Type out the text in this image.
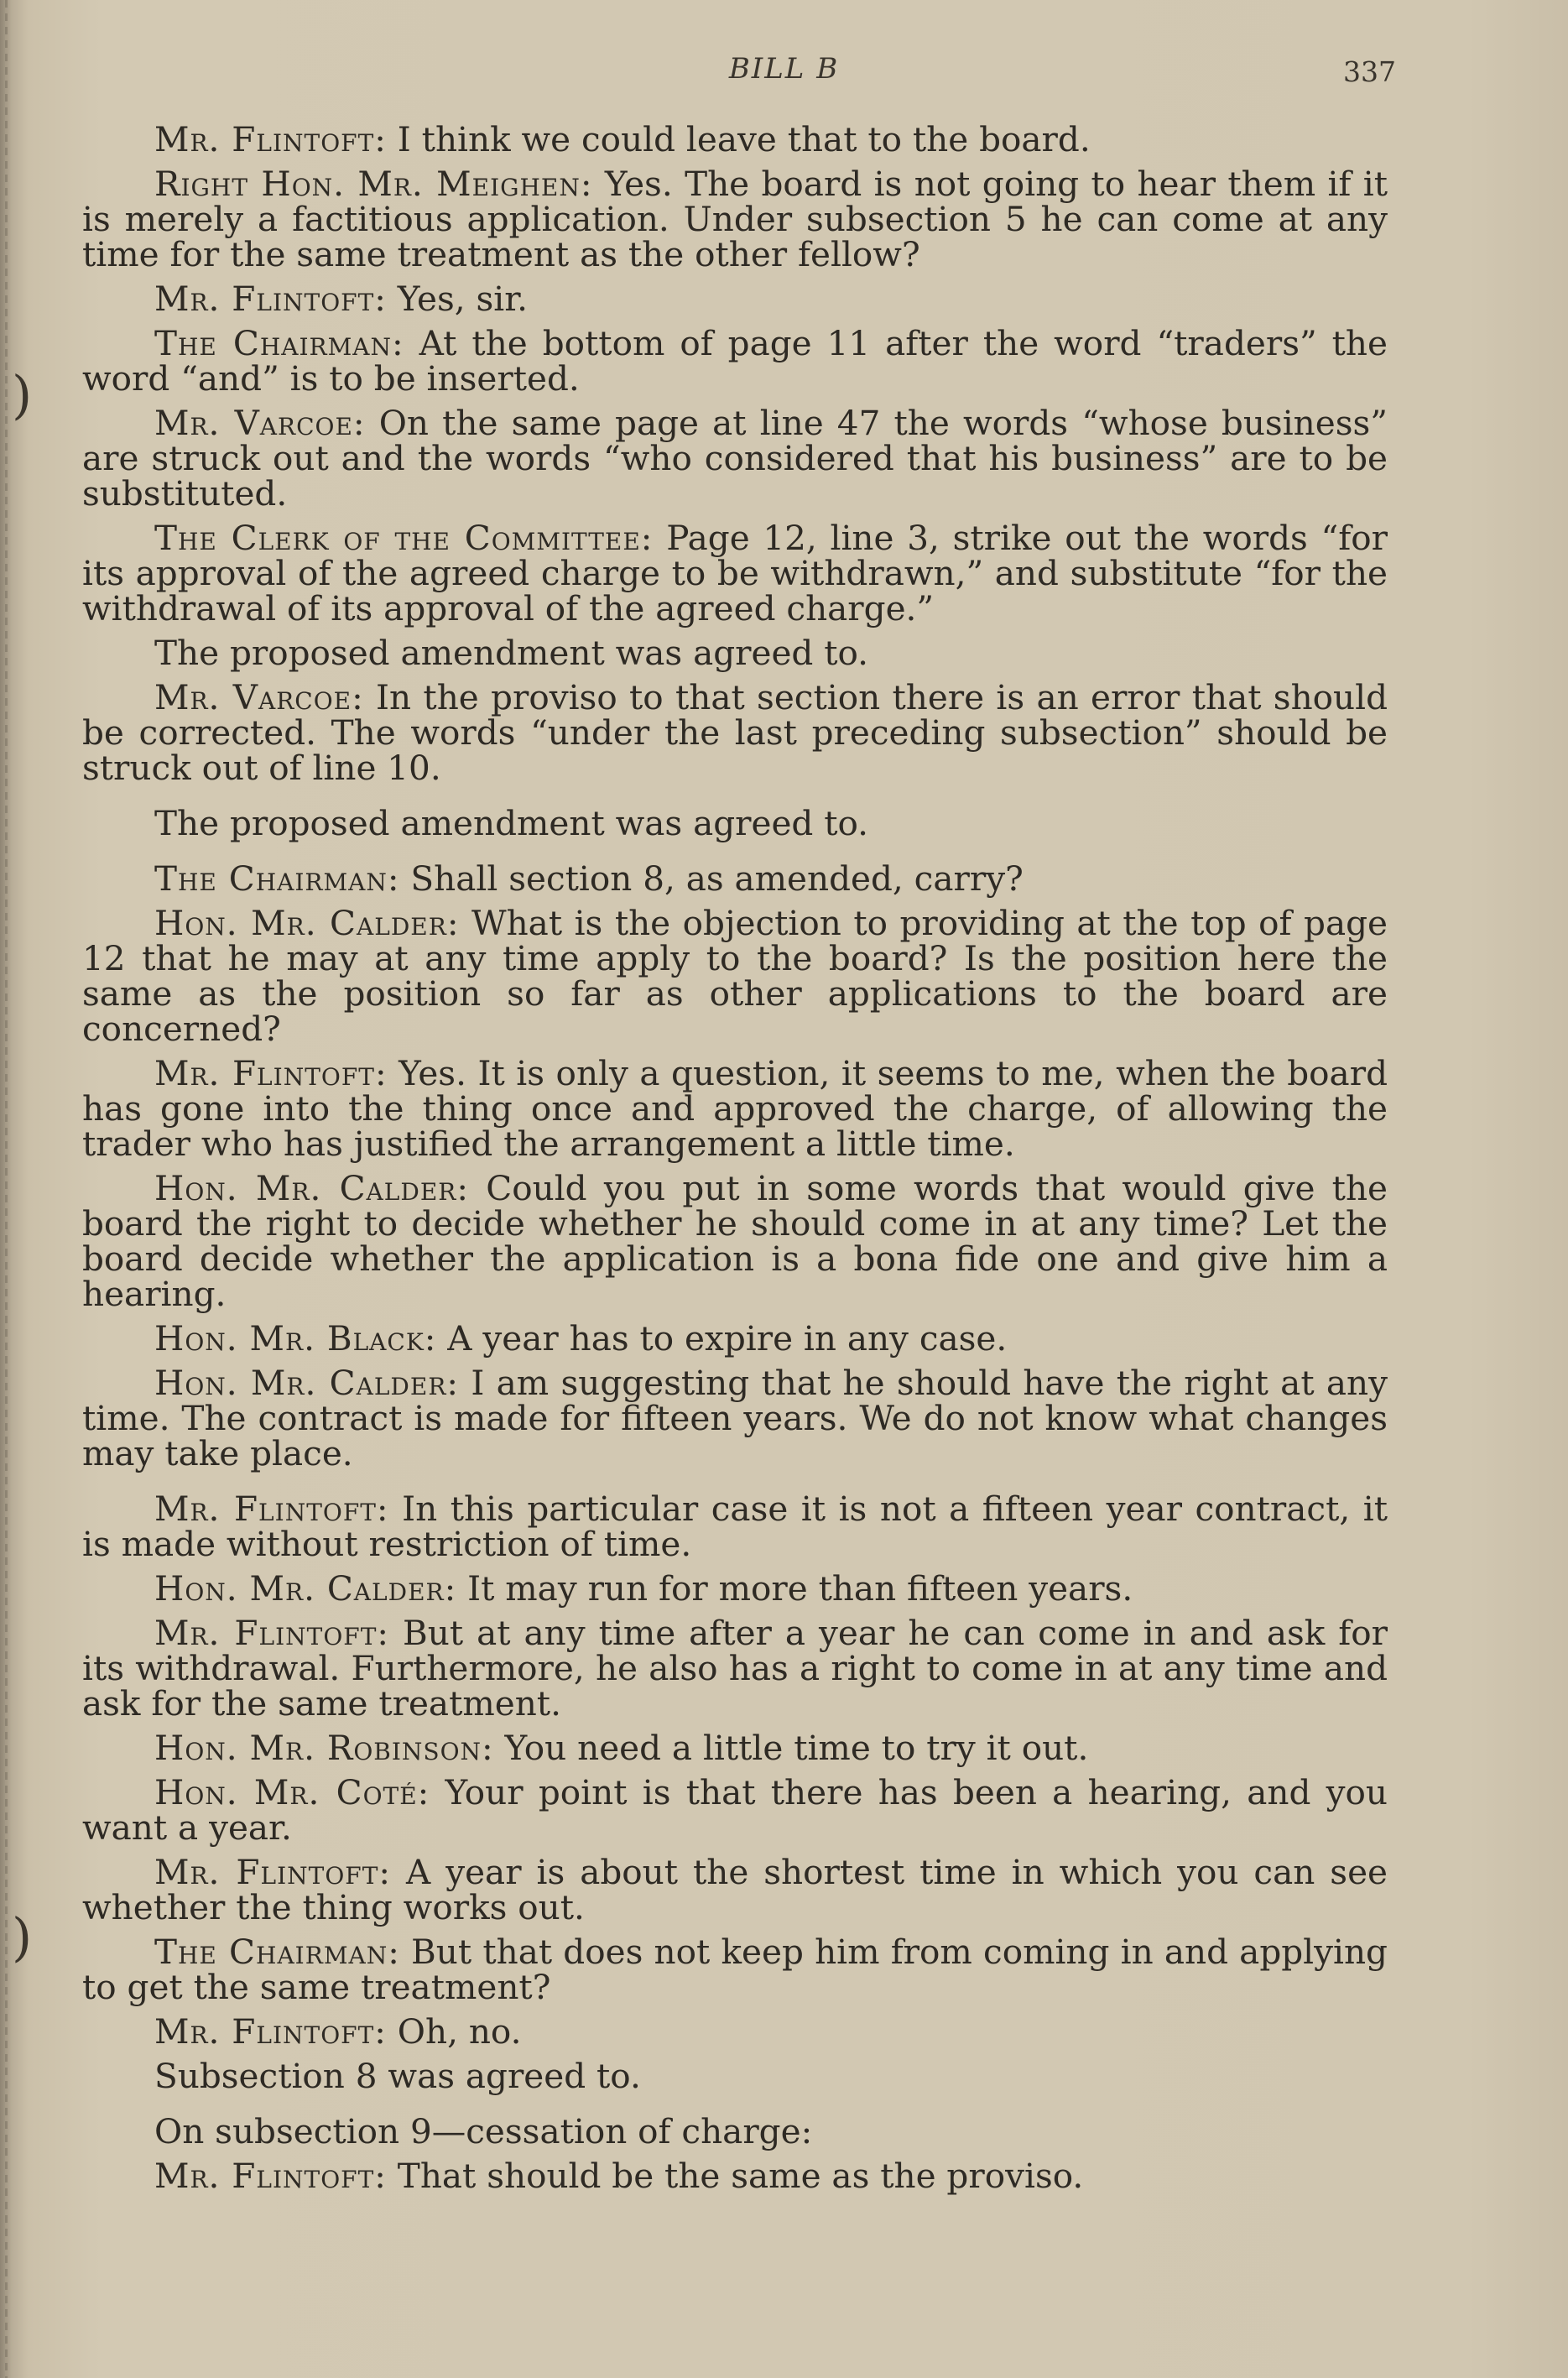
)
)
BILL B	337

Mr. Flintoft: I think we could leave that to the board.

Right Hon. Mr. Meighen: Yes. The board is not going to hear them if it is merely a factitious application. Under subsection 5 he can come at any time for the same treatment as the other fellow?

Mr. Flintoft: Yes, sir.

The Chairman: At the bottom of page 11 after the word “traders” the word “and” is to be inserted.

Mr. Varcoe: On the same page at line 47 the words “whose business” are struck out and the words “who considered that his business” are to be substituted.

The Clerk of the Committee: Page 12, line 3, strike out the words “for its approval of the agreed charge to be withdrawn,” and substitute “for the withdrawal of its approval of the agreed charge.”

The proposed amendment was agreed to.

Mr. Varcoe: In the proviso to that section there is an error that should be corrected. The words “under the last preceding subsection” should be struck out of line 10.

The proposed amendment was agreed to.

The Chairman: Shall section 8, as amended, carry?

Hon. Mr. Calder: What is the objection to providing at the top of page 12 that he may at any time apply to the board? Is the position here the same as the position so far as other applications to the board are concerned?

Mr. Flintoft: Yes. It is only a question, it seems to me, when the board has gone into the thing once and approved the charge, of allowing the trader who has justified the arrangement a little time.

Hon. Mr. Calder: Could you put in some words that would give the board the right to decide whether he should come in at any time? Let the board decide whether the application is a bona fide one and give him a hearing.

Hon. Mr. Black: A year has to expire in any case.

Hon. Mr. Calder: I am suggesting that he should have the right at any time. The contract is made for fifteen years. We do not know what changes may take place.

Mr. Flintoft: In this particular case it is not a fifteen year contract, it is made without restriction of time.

Hon. Mr. Calder: It may run for more than fifteen years.

Mr. Flintoft: But at any time after a year he can come in and ask for its withdrawal. Furthermore, he also has a right to come in at any time and ask for the same treatment.

Hon. Mr. Robinson: You need a little time to try it out.

Hon. Mr. Coté: Your point is that there has been a hearing, and you want a year.

Mr. Flintoft: A year is about the shortest time in which you can see whether the thing works out.

The Chairman: But that does not keep him from coming in and applying to get the same treatment?

Mr. Flintoft: Oh, no.

Subsection 8 was agreed to.

On subsection 9—cessation of charge:

Mr. Flintoft: That should be the same as the proviso.
